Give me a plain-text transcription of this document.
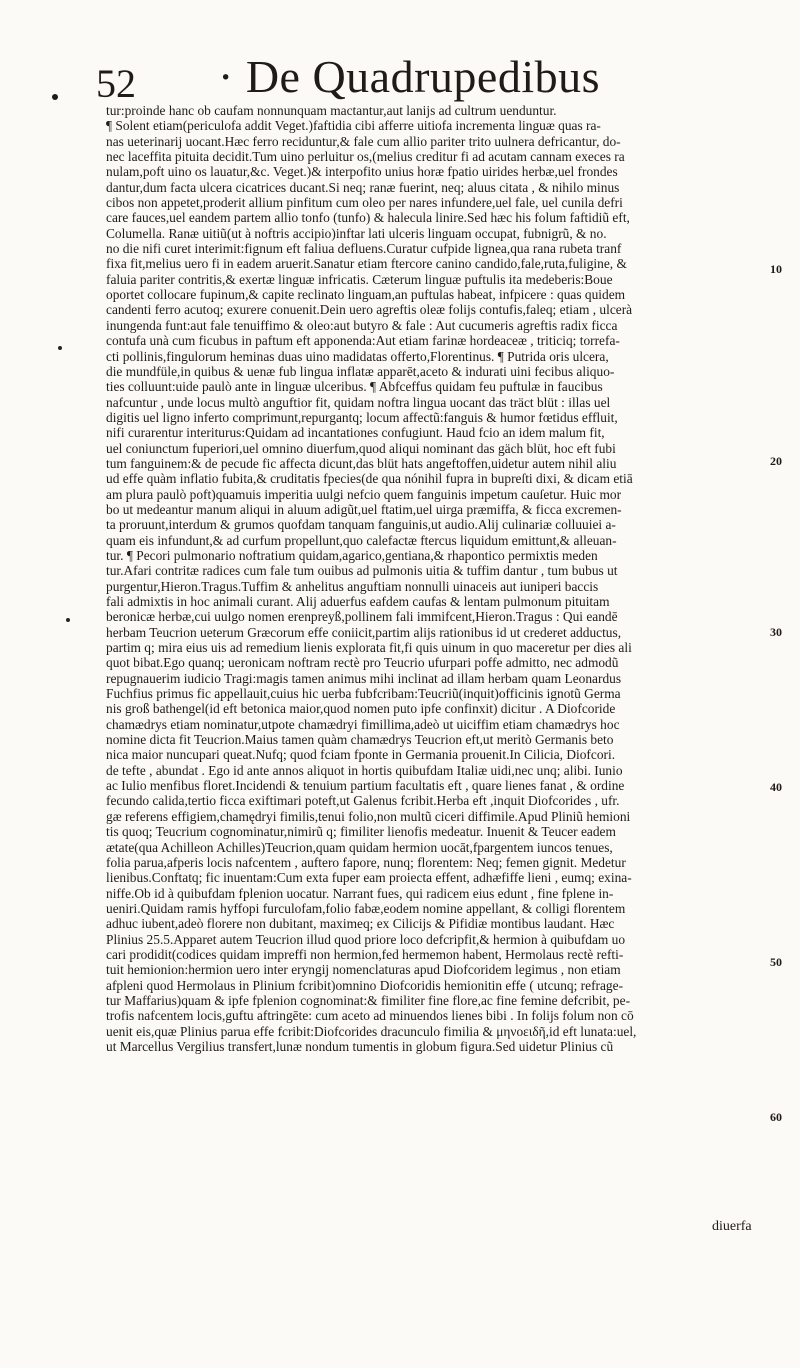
52 · De Quadrupedibus
tur:proinde hanc ob caufam nonnunquam mactantur,aut lanijs ad cultrum uenduntur.
¶ Solent etiam(periculofa addit Veget.)faftidia cibi afferre uitiofa incrementa linguæ quas ra-
nas ueterinarij uocant.Hæc ferro reciduntur,& fale cum allio pariter trito uulnera defricantur, do-
nec laceffita pituita decidit.Tum uino perluitur os,(melius creditur fi ad acutam cannam execes ra
nulam,poft uino os lauatur,&c. Veget.)& interpofito unius horæ fpatio uirides herbæ,uel frondes
dantur,dum facta ulcera cicatrices ducant.Si neq; ranæ fuerint, neq; aluus citata , & nihilo minus
cibos non appetet,proderit allium pinfitum cum oleo per nares infundere,uel fale, uel cunila defri
care fauces,uel eandem partem allio tonfo (tunfo) & halecula linire.Sed hæc his folum faftidiũ eft,
Columella. Ranæ uitiũ(ut à noftris accipio)inftar lati ulceris linguam occupat, fubnigrũ, & no.
no die nifi curet interimit:fignum eft faliua defluens.Curatur cufpide lignea,qua rana rubeta tranf
fixa fit,melius uero fi in eadem aruerit.Sanatur etiam ftercore canino candido,fale,ruta,fuligine, &
faluia pariter contritis,& exertæ linguæ infricatis. Cæterum linguæ puftulis ita medeberis:Boue
oportet collocare fupinum,& capite reclinato linguam,an puftulas habeat, infpicere : quas quidem
candenti ferro acutoq; exurere conuenit.Dein uero agreftis oleæ folijs contufis,faleq; etiam , ulcerà
inungenda funt:aut fale tenuiffimo & oleo:aut butyro & fale : Aut cucumeris agreftis radix ficca
contufa unà cum ficubus in paftum eft apponenda:Aut etiam farinæ hordeaceæ , triticiq; torrefa-
cti pollinis,fingulorum heminas duas uino madidatas offerto,Florentinus. ¶ Putrida oris ulcera,
die mundfüle,in quibus & uenæ fub lingua inflatæ apparēt,aceto & indurati uini fecibus aliquo-
ties colluunt:uide paulò ante in linguæ ulceribus. ¶ Abfceffus quidam feu puftulæ in faucibus
nafcuntur , unde locus multò anguftior fit, quidam noftra lingua uocant das träct blüt : illas uel
digitis uel ligno inferto comprimunt,repurgantq; locum affectũ:fanguis & humor fœtidus effluit,
nifi curarentur interiturus:Quidam ad incantationes confugiunt. Haud fcio an idem malum fit,
uel coniunctum fuperiori,uel omnino diuerfum,quod aliqui nominant das gäch blüt, hoc eft fubi
tum fanguinem:& de pecude fic affecta dicunt,das blüt hats angeftoffen,uidetur autem nihil aliu
ud effe quàm inflatio fubita,& cruditatis fpecies(de qua nónihil fupra in bupreſti dixi, & dicam etiā
am plura paulò poft)quamuis imperitia uulgi nefcio quem fanguinis impetum cauſetur. Huic mor
bo ut medeantur manum aliqui in aluum adigũt,uel ftatim,uel uirga præmiffa, & ficca excremen-
ta proruunt,interdum & grumos quofdam tanquam fanguinis,ut audio.Alij culinariæ colluuiei a-
quam eis infundunt,& ad curfum propellunt,quo calefactæ ftercus liquidum emittunt,& alleuan-
tur. ¶ Pecori pulmonario noftratium quidam,agarico,gentiana,& rhapontico permixtis meden
tur.Afari contritæ radices cum fale tum ouibus ad pulmonis uitia & tuffim dantur , tum bubus ut
purgentur,Hieron.Tragus.Tuffim & anhelitus anguftiam nonnulli uinaceis aut iuniperi baccis
fali admixtis in hoc animali curant. Alij aduerfus eafdem caufas & lentam pulmonum pituitam
beronicæ herbæ,cui uulgo nomen erenpreyß,pollinem fali immifcent,Hieron.Tragus : Qui eandē
herbam Teucrion ueterum Græcorum effe coniicit,partim alijs rationibus id ut crederet adductus,
partim q; mira eius uis ad remedium lienis explorata fit,fi quis uinum in quo maceretur per dies ali
quot bibat.Ego quanq; ueronicam noftram rectè pro Teucrio ufurpari poffe admitto, nec admodũ
repugnauerim iudicio Tragi:magis tamen animus mihi inclinat ad illam herbam quam Leonardus
Fuchfius primus fic appellauit,cuius hic uerba fubfcribam:Teucriũ(inquit)officinis ignotũ Germa
nis groß bathengel(id eft betonica maior,quod nomen puto ipfe confinxit) dicitur . A Diofcoride
chamædrys etiam nominatur,utpote chamædryi fimillima,adeò ut uiciffim etiam chamædrys hoc
nomine dicta fit Teucrion.Maius tamen quàm chamædrys Teucrion eft,ut meritò Germanis beto
nica maior nuncupari queat.Nufq; quod fciam fponte in Germania prouenit.In Cilicia, Diofcori.
de tefte , abundat . Ego id ante annos aliquot in hortis quibufdam Italiæ uidi,nec unq; alibi. Iunio
ac Iulio menfibus floret.Incidendi & tenuium partium facultatis eft , quare lienes fanat , & ordine
fecundo calida,tertio ficca exiftimari poteft,ut Galenus fcribit.Herba eft ,inquit Diofcorides , ufr.
gæ referens effigiem,chamędryi fimilis,tenui folio,non multũ ciceri diffimile.Apud Pliniũ hemioni
tis quoq; Teucrium cognominatur,nimirũ q; fimiliter lienofis medeatur. Inuenit & Teucer eadem
ætate(qua Achilleon Achilles)Teucrion,quam quidam hermion uocāt,fpargentem iuncos tenues,
folia parua,afperis locis nafcentem , auftero fapore, nunq; florentem: Neq; femen gignit. Medetur
lienibus.Conftatq; fic inuentam:Cum exta fuper eam proiecta effent, adhæfiffe lieni , eumq; exina-
niffe.Ob id à quibufdam fplenion uocatur. Narrant fues, qui radicem eius edunt , fine fplene in-
ueniri.Quidam ramis hyffopi furculofam,folio fabæ,eodem nomine appellant, & colligi florentem
adhuc iubent,adeò florere non dubitant, maximeq; ex Cilicijs & Pifidiæ montibus laudant. Hæc
Plinius 25.5.Apparet autem Teucrion illud quod priore loco defcripfit,& hermion à quibufdam uo
cari prodidit(codices quidam impreffi non hermion,fed hermemon habent, Hermolaus rectè refti-
tuit hemionion:hermion uero inter eryngij nomenclaturas apud Diofcoridem legimus , non etiam
afpleni quod Hermolaus in Plinium fcribit)omnino Diofcoridis hemionitin effe ( utcunq; refrage-
tur Maffarius)quam & ipfe fplenion cognominat:& fimiliter fine flore,ac fine femine defcribit, pe-
trofis nafcentem locis,guftu aftringēte: cum aceto ad minuendos lienes bibi . In folijs folum non cō
uenit eis,quæ Plinius parua effe fcribit:Diofcorides dracunculo fimilia & μηνοειδῆ,id eft lunata:uel,
ut Marcellus Vergilius transfert,lunæ nondum tumentis in globum figura.Sed uidetur Plinius cũ
10
20
30
40
50
60
diuerfa
